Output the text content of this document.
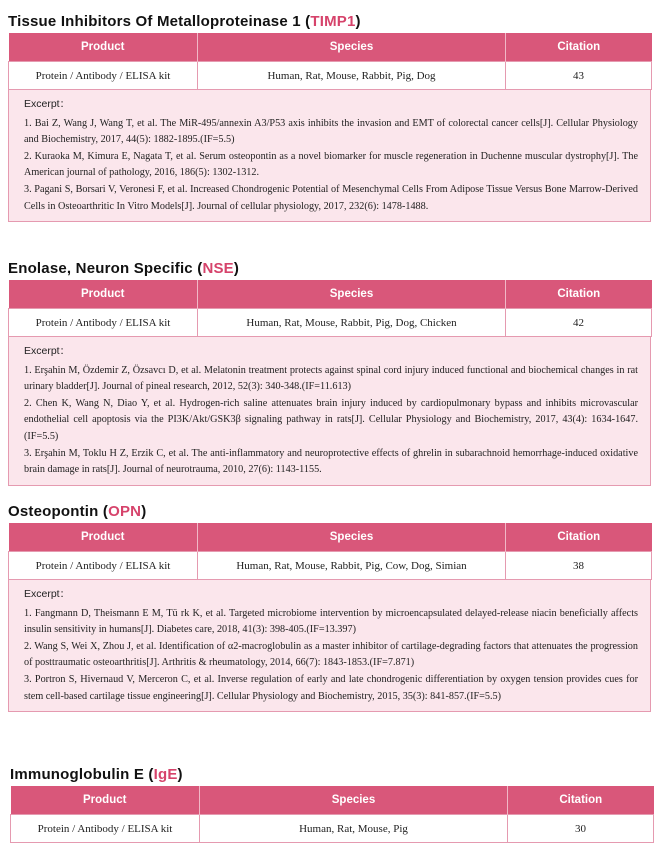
Tissue Inhibitors Of Metalloproteinase 1 (TIMP1)
Product	Species	Citation
Protein / Antibody / ELISA kit	Human, Rat, Mouse, Rabbit, Pig, Dog	43
Excerpt：

1. Bai Z, Wang J, Wang T, et al. The MiR-495/annexin A3/P53 axis inhibits the invasion and EMT of colorectal cancer cells[J]. Cellular Physiology and Biochemistry, 2017, 44(5): 1882-1895.(IF=5.5)

2. Kuraoka M, Kimura E, Nagata T, et al. Serum osteopontin as a novel biomarker for muscle regeneration in Duchenne muscular dystrophy[J]. The American journal of pathology, 2016, 186(5): 1302-1312.

3. Pagani S, Borsari V, Veronesi F, et al. Increased Chondrogenic Potential of Mesenchymal Cells From Adipose Tissue Versus Bone Marrow-Derived Cells in Osteoarthritic In Vitro Models[J]. Journal of cellular physiology, 2017, 232(6): 1478-1488.

Enolase, Neuron Specific (NSE)
Product	Species	Citation
Protein / Antibody / ELISA kit	Human, Rat, Mouse, Rabbit, Pig, Dog, Chicken	42
Excerpt：

1. Erşahin M, Özdemir Z, Özsavcı D, et al. Melatonin treatment protects against spinal cord injury induced functional and biochemical changes in rat urinary bladder[J]. Journal of pineal research, 2012, 52(3): 340-348.(IF=11.613)

2. Chen K, Wang N, Diao Y, et al. Hydrogen-rich saline attenuates brain injury induced by cardiopulmonary bypass and inhibits microvascular endothelial cell apoptosis via the PI3K/Akt/GSK3β signaling pathway in rats[J]. Cellular Physiology and Biochemistry, 2017, 43(4): 1634-1647.(IF=5.5)

3. Erşahin M, Toklu H Z, Erzik C, et al. The anti-inflammatory and neuroprotective effects of ghrelin in subarachnoid hemorrhage-induced oxidative brain damage in rats[J]. Journal of neurotrauma, 2010, 27(6): 1143-1155.

Osteopontin (OPN)
Product	Species	Citation
Protein / Antibody / ELISA kit	Human, Rat, Mouse, Rabbit, Pig, Cow, Dog, Simian	38
Excerpt：

1. Fangmann D, Theismann E M, Tü rk K, et al. Targeted microbiome intervention by microencapsulated delayed-release niacin beneficially affects insulin sensitivity in humans[J]. Diabetes care, 2018, 41(3): 398-405.(IF=13.397)

2. Wang S, Wei X, Zhou J, et al. Identification of α2-macroglobulin as a master inhibitor of cartilage-degrading factors that attenuates the progression of posttraumatic osteoarthritis[J]. Arthritis & rheumatology, 2014, 66(7): 1843-1853.(IF=7.871)

3. Portron S, Hivernaud V, Merceron C, et al. Inverse regulation of early and late chondrogenic differentiation by oxygen tension provides cues for stem cell-based cartilage tissue engineering[J]. Cellular Physiology and Biochemistry, 2015, 35(3): 841-857.(IF=5.5)

Immunoglobulin E (IgE)
Product	Species	Citation
Protein / Antibody / ELISA kit	Human, Rat, Mouse, Pig	30
